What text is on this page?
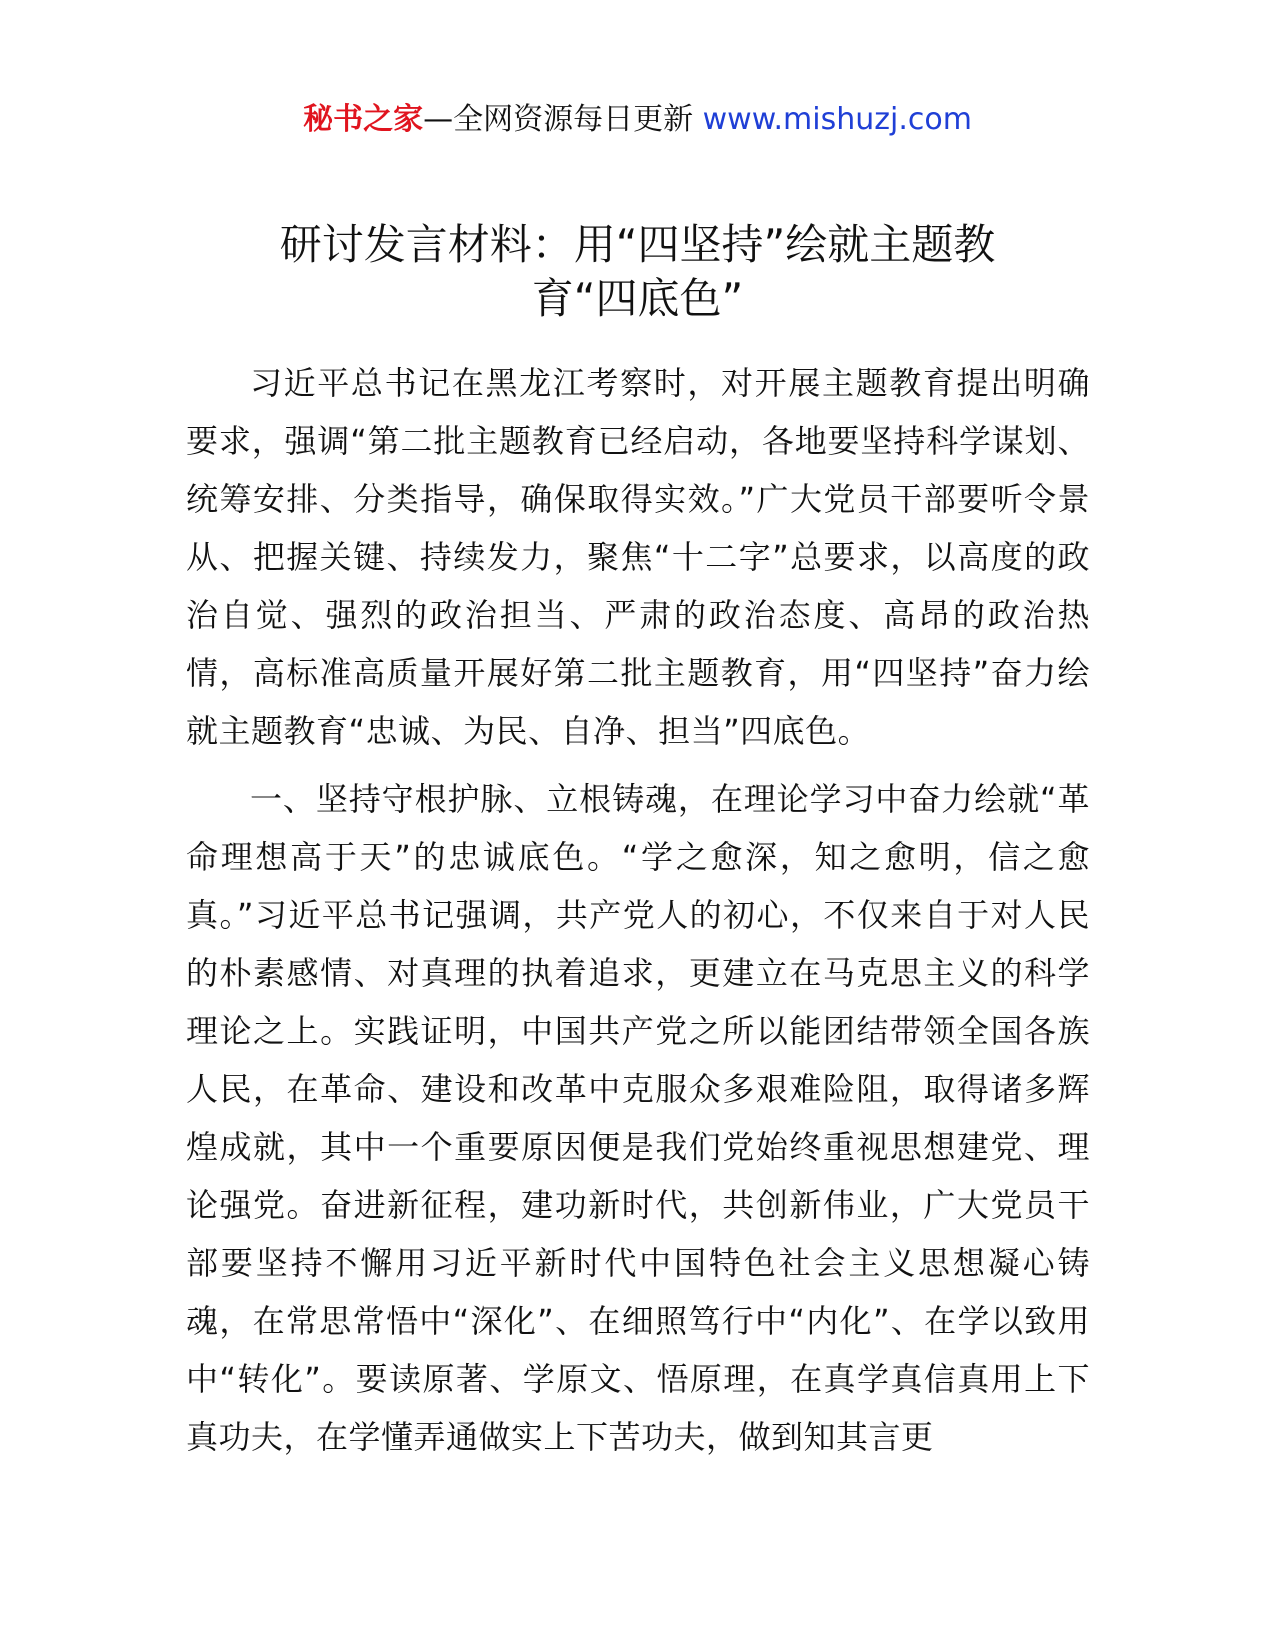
秘书之家—全网资源每日更新 www.mishuzj.com
研讨发言材料：用“四坚持”绘就主题教
育“四底色”

习近平总书记在黑龙江考察时，对开展主题教育提出明确要求，强调“第二批主题教育已经启动，各地要坚持科学谋划、统筹安排、分类指导，确保取得实效。”广大党员干部要听令景从、把握关键、持续发力，聚焦“十二字”总要求，以高度的政治自觉、强烈的政治担当、严肃的政治态度、高昂的政治热情，高标准高质量开展好第二批主题教育，用“四坚持”奋力绘就主题教育“忠诚、为民、自净、担当”四底色。

一、坚持守根护脉、立根铸魂，在理论学习中奋力绘就“革命理想高于天”的忠诚底色。“学之愈深，知之愈明，信之愈真。”习近平总书记强调，共产党人的初心，不仅来自于对人民的朴素感情、对真理的执着追求，更建立在马克思主义的科学理论之上。实践证明，中国共产党之所以能团结带领全国各族人民，在革命、建设和改革中克服众多艰难险阻，取得诸多辉煌成就，其中一个重要原因便是我们党始终重视思想建党、理论强党。奋进新征程，建功新时代，共创新伟业，广大党员干部要坚持不懈用习近平新时代中国特色社会主义思想凝心铸魂，在常思常悟中“深化”、在细照笃行中“内化”、在学以致用中“转化”。要读原著、学原文、悟原理，在真学真信真用上下真功夫，在学懂弄通做实上下苦功夫，做到知其言更
